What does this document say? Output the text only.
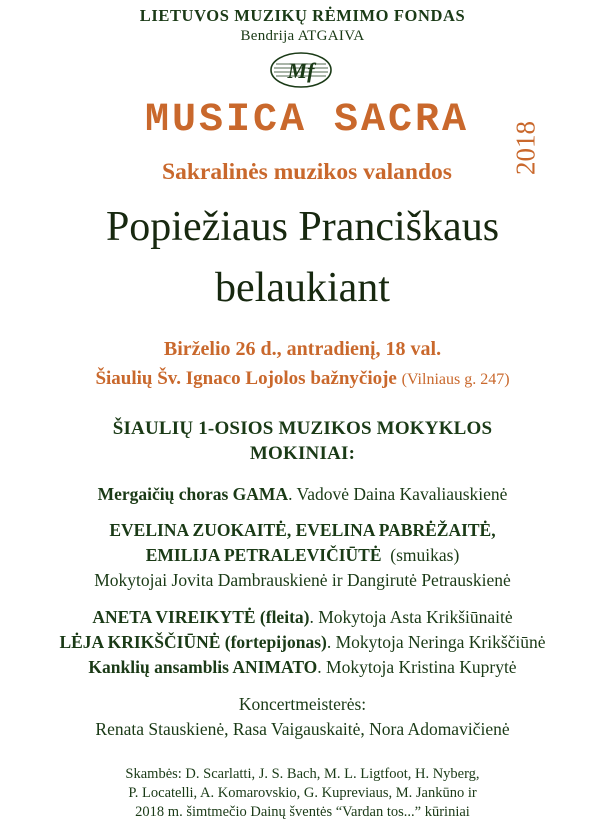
LIETUVOS MUZIKŲ RĖMIMO FONDAS
Bendrija ATGAIVA
Mf
MUSICA SACRA
2018
Sakralinės muzikos valandos
Popiežiaus Pranciškaus
belaukiant
Birželio 26 d., antradienį, 18 val.
Šiaulių Šv. Ignaco Lojolos bažnyčioje (Vilniaus g. 247)
ŠIAULIŲ 1-OSIOS MUZIKOS MOKYKLOS
MOKINIAI:
Mergaičių choras GAMA. Vadovė Daina Kavaliauskienė
EVELINA ZUOKAITĖ, EVELINA PABRĖŽAITĖ,
EMILIJA PETRALEVIČIŪTĖ (smuikas)
Mokytojai Jovita Dambrauskienė ir Dangirutė Petrauskienė
ANETA VIREIKYTĖ (fleita). Mokytoja Asta Krikšiūnaitė
LĖJA KRIKŠČIŪNĖ (fortepijonas). Mokytoja Neringa Krikščiūnė
Kanklių ansamblis ANIMATO. Mokytoja Kristina Kuprytė
Koncertmeisterės:
Renata Stauskienė, Rasa Vaigauskaitė, Nora Adomavičienė
Skambės: D. Scarlatti, J. S. Bach, M. L. Ligtfoot, H. Nyberg,
P. Locatelli, A. Komarovskio, G. Kupreviaus, M. Jankūno ir
2018 m. šimtmečio Dainų šventės “Vardan tos...” kūriniai
